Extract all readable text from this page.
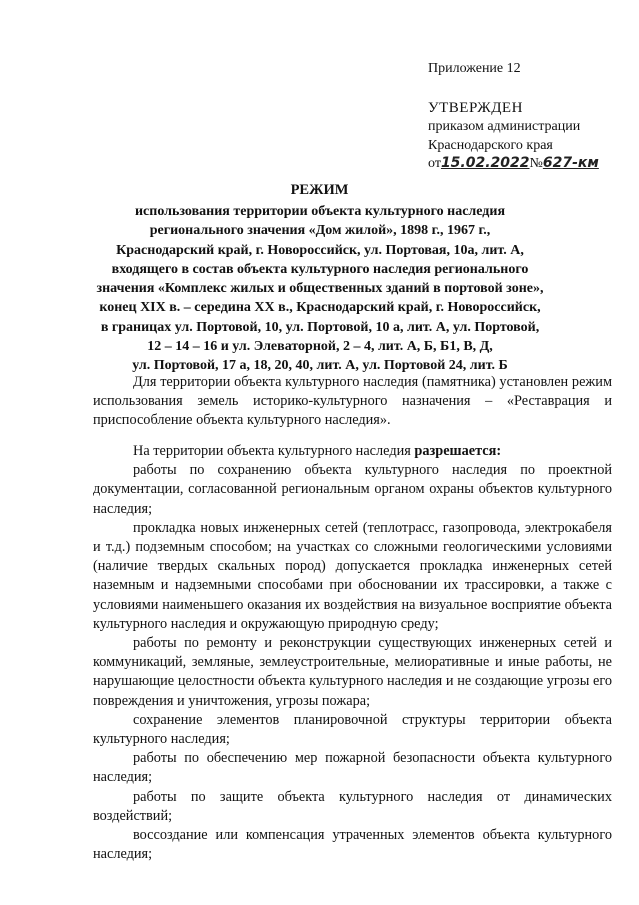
Приложение 12

УТВЕРЖДЕН

приказом администрации

Краснодарского края

от15.02.2022№627-км

РЕЖИМ

использования территории объекта культурного наследия
регионального значения «Дом жилой», 1898 г., 1967 г.,
Краснодарский край, г. Новороссийск, ул. Портовая, 10а, лит. А,
входящего в состав объекта культурного наследия регионального
значения «Комплекс жилых и общественных зданий в портовой зоне»,
конец XIX в. – середина XX в., Краснодарский край, г. Новороссийск,
в границах ул. Портовой, 10, ул. Портовой, 10 а, лит. А, ул. Портовой,
12 – 14 – 16 и ул. Элеваторной, 2 – 4, лит. А, Б, Б1, В, Д,
ул. Портовой, 17 а, 18, 20, 40, лит. А, ул. Портовой 24, лит. Б

Для территории объекта культурного наследия (памятника) установлен режим использования земель историко-культурного назначения – «Реставрация и приспособление объекта культурного наследия».

На территории объекта культурного наследия разрешается:

работы по сохранению объекта культурного наследия по проектной документации, согласованной региональным органом охраны объектов культурного наследия;

прокладка новых инженерных сетей (теплотрасс, газопровода, электрокабеля и т.д.) подземным способом; на участках со сложными геологическими условиями (наличие твердых скальных пород) допускается прокладка инженерных сетей наземным и надземными способами при обосновании их трассировки, а также с условиями наименьшего оказания их воздействия на визуальное восприятие объекта культурного наследия и окружающую природную среду;

работы по ремонту и реконструкции существующих инженерных сетей и коммуникаций, земляные, землеустроительные, мелиоративные и иные работы, не нарушающие целостности объекта культурного наследия и не создающие угрозы его повреждения и уничтожения, угрозы пожара;

сохранение элементов планировочной структуры территории объекта культурного наследия;

работы по обеспечению мер пожарной безопасности объекта культурного наследия;

работы по защите объекта культурного наследия от динамических воздействий;

воссоздание или компенсация утраченных элементов объекта культурного наследия;
